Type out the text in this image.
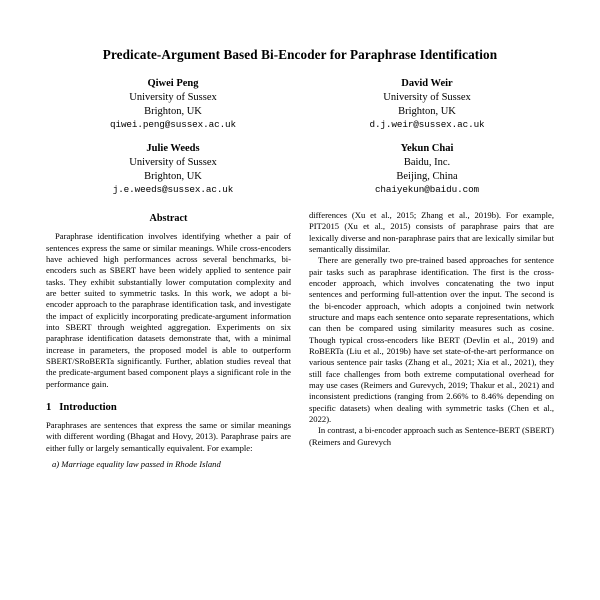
Predicate-Argument Based Bi-Encoder for Paraphrase Identification
Qiwei Peng
University of Sussex
Brighton, UK
qiwei.peng@sussex.ac.uk
David Weir
University of Sussex
Brighton, UK
d.j.weir@sussex.ac.uk
Julie Weeds
University of Sussex
Brighton, UK
j.e.weeds@sussex.ac.uk
Yekun Chai
Baidu, Inc.
Beijing, China
chaiyekun@baidu.com
Abstract

Paraphrase identification involves identifying whether a pair of sentences express the same or similar meanings. While cross-encoders have achieved high performances across several benchmarks, bi-encoders such as SBERT have been widely applied to sentence pair tasks. They exhibit substantially lower computation complexity and are better suited to symmetric tasks. In this work, we adopt a bi-encoder approach to the paraphrase identification task, and investigate the impact of explicitly incorporating predicate-argument information into SBERT through weighted aggregation. Experiments on six paraphrase identification datasets demonstrate that, with a minimal increase in parameters, the proposed model is able to outperform SBERT/SRoBERTa significantly. Further, ablation studies reveal that the predicate-argument based component plays a significant role in the performance gain.

1 Introduction

Paraphrases are sentences that express the same or similar meanings with different wording (Bhagat and Hovy, 2013). Paraphrase pairs are either fully or largely semantically equivalent. For example:

a) Marriage equality law passed in Rhode Island

differences (Xu et al., 2015; Zhang et al., 2019b). For example, PIT2015 (Xu et al., 2015) consists of paraphrase pairs that are lexically diverse and non-paraphrase pairs that are lexically similar but semantically dissimilar.

There are generally two pre-trained based approaches for sentence pair tasks such as paraphrase identification. The first is the cross-encoder approach, which involves concatenating the two input sentences and performing full-attention over the input. The second is the bi-encoder approach, which adopts a conjoined twin network structure and maps each sentence onto separate representations, which can then be compared using similarity measures such as cosine. Though typical cross-encoders like BERT (Devlin et al., 2019) and RoBERTa (Liu et al., 2019b) have set state-of-the-art performance on various sentence pair tasks (Zhang et al., 2021; Xia et al., 2021), they still face challenges from both extreme computational overhead for may use cases (Reimers and Gurevych, 2019; Thakur et al., 2021) and inconsistent predictions (ranging from 2.66% to 8.46% depending on specific datasets) when dealing with symmetric tasks (Chen et al., 2022).

In contrast, a bi-encoder approach such as Sentence-BERT (SBERT) (Reimers and Gurevych
